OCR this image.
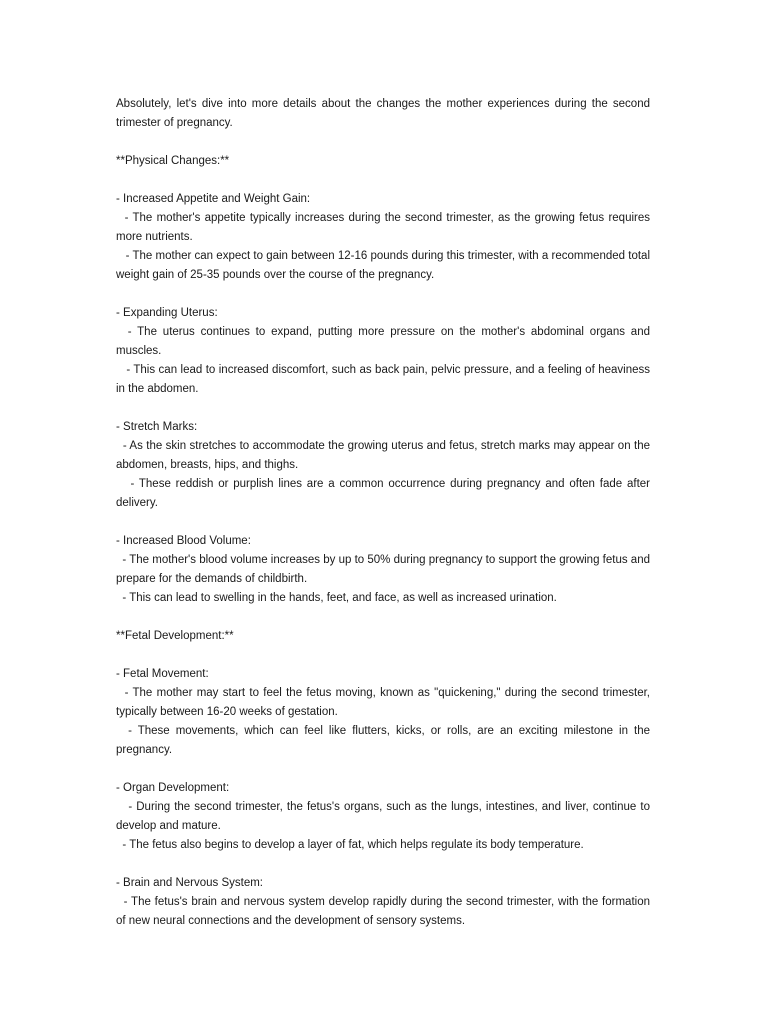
Absolutely, let's dive into more details about the changes the mother experiences during the second trimester of pregnancy.

**Physical Changes:**

- Increased Appetite and Weight Gain:

- The mother's appetite typically increases during the second trimester, as the growing fetus requires more nutrients.

- The mother can expect to gain between 12-16 pounds during this trimester, with a recommended total weight gain of 25-35 pounds over the course of the pregnancy.

- Expanding Uterus:

- The uterus continues to expand, putting more pressure on the mother's abdominal organs and muscles.

- This can lead to increased discomfort, such as back pain, pelvic pressure, and a feeling of heaviness in the abdomen.

- Stretch Marks:

- As the skin stretches to accommodate the growing uterus and fetus, stretch marks may appear on the abdomen, breasts, hips, and thighs.

- These reddish or purplish lines are a common occurrence during pregnancy and often fade after delivery.

- Increased Blood Volume:

- The mother's blood volume increases by up to 50% during pregnancy to support the growing fetus and prepare for the demands of childbirth.

- This can lead to swelling in the hands, feet, and face, as well as increased urination.

**Fetal Development:**

- Fetal Movement:

- The mother may start to feel the fetus moving, known as "quickening," during the second trimester, typically between 16-20 weeks of gestation.

- These movements, which can feel like flutters, kicks, or rolls, are an exciting milestone in the pregnancy.

- Organ Development:

- During the second trimester, the fetus's organs, such as the lungs, intestines, and liver, continue to develop and mature.

- The fetus also begins to develop a layer of fat, which helps regulate its body temperature.

- Brain and Nervous System:

- The fetus's brain and nervous system develop rapidly during the second trimester, with the formation of new neural connections and the development of sensory systems.
